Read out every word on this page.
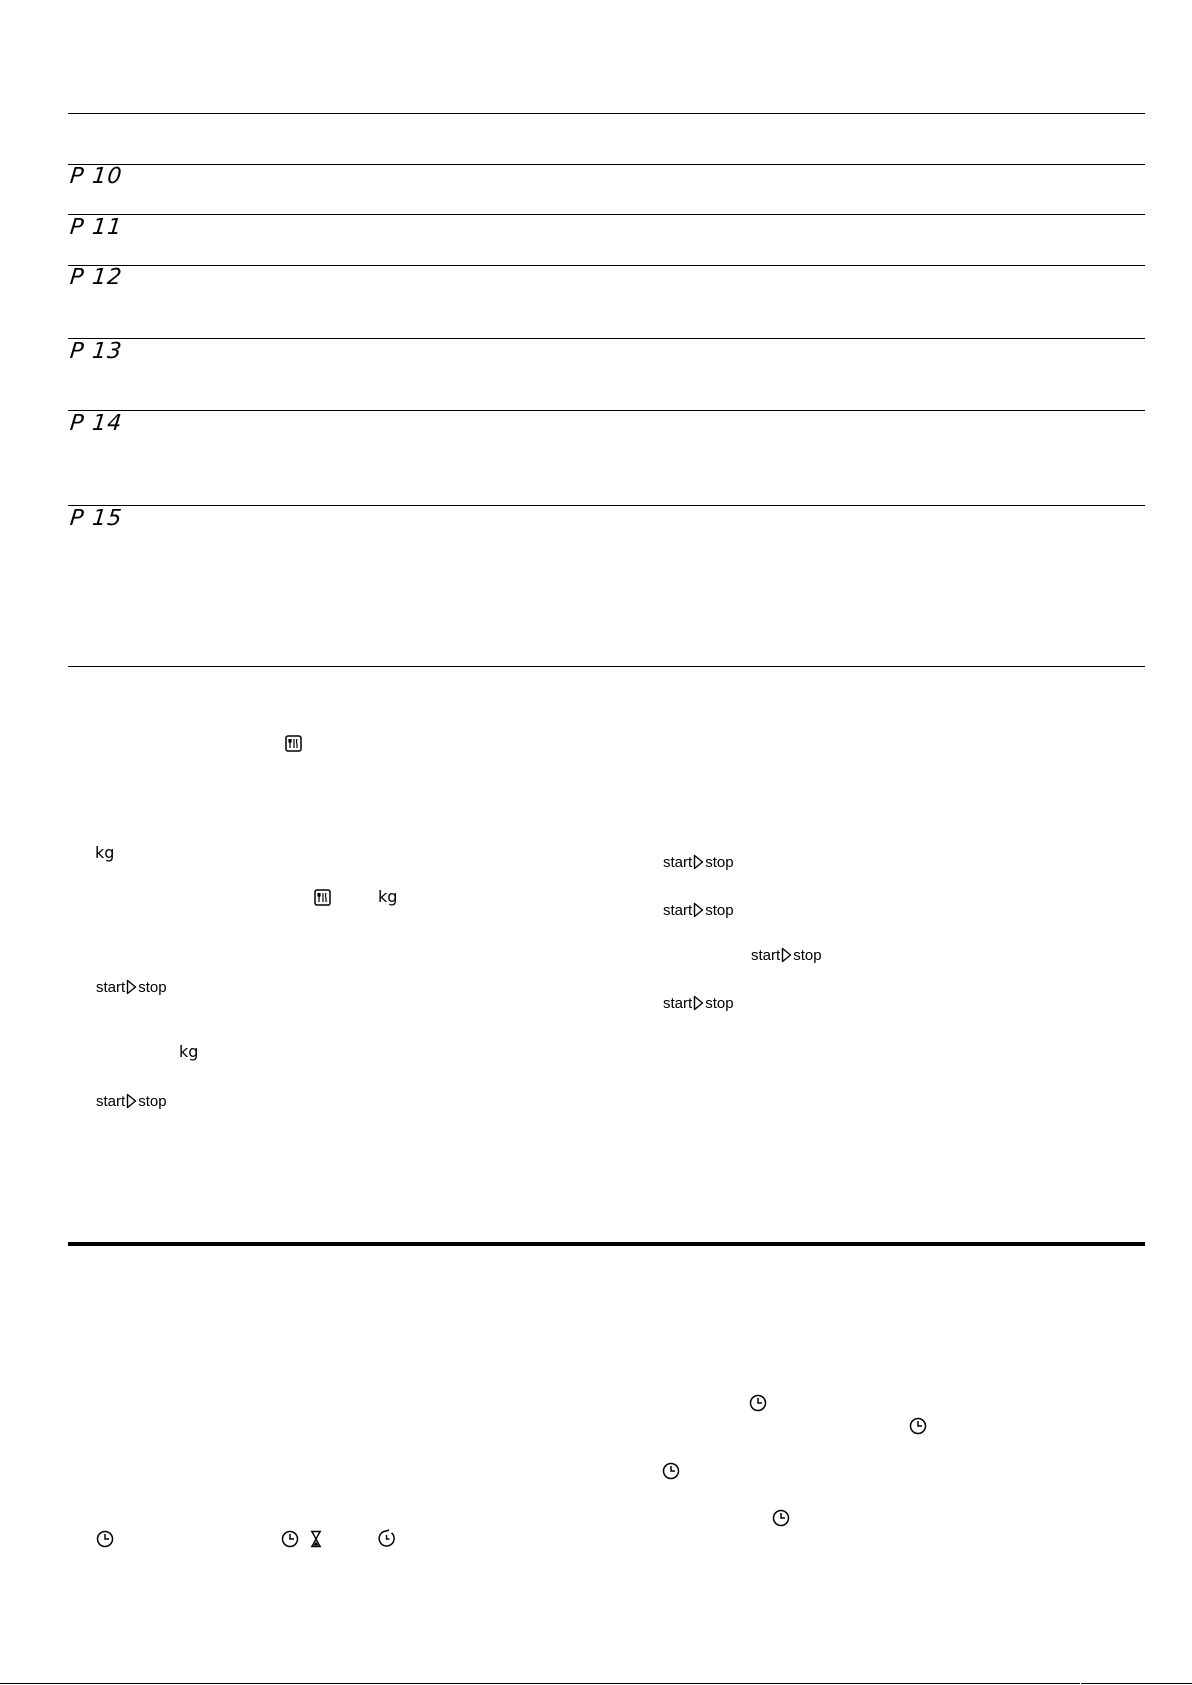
P 10
P 11
P 12
P 13
P 14
P 15
kg
kg
kg
start stop
start stop
start stop
start stop
start stop
start stop
